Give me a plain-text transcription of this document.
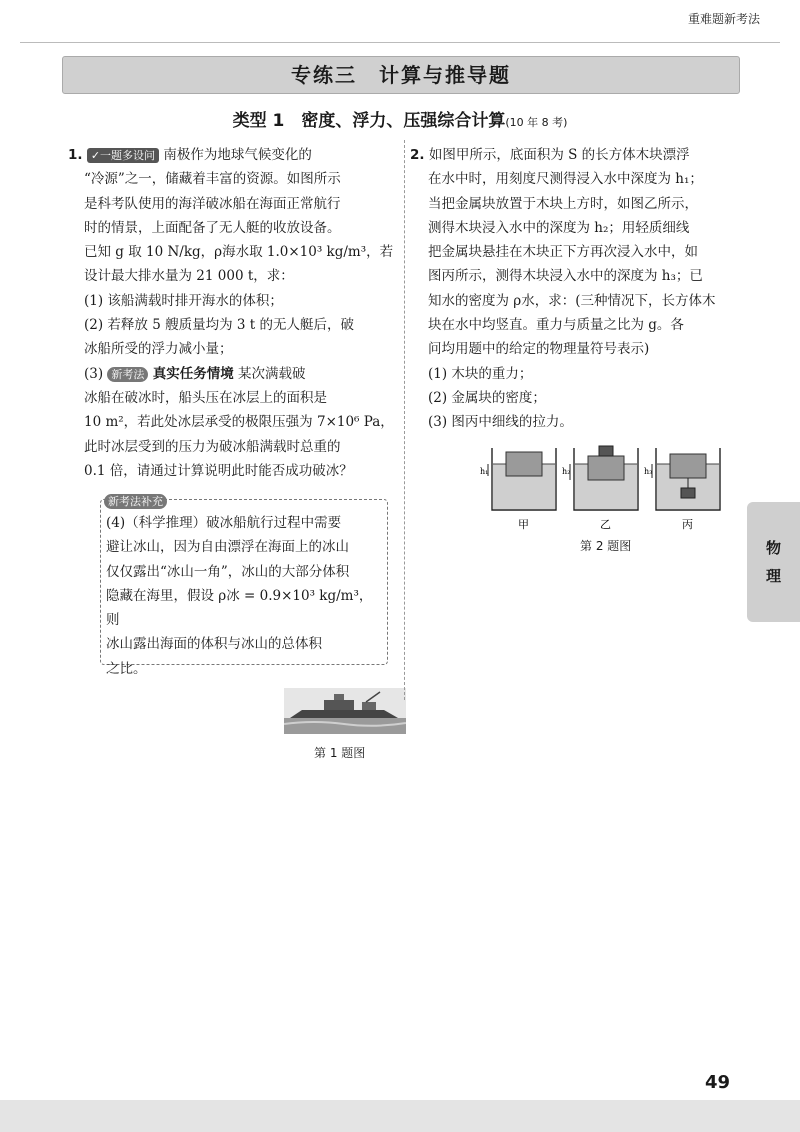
重难题新考法
专练三　计算与推导题
类型 1　密度、浮力、压强综合计算(10 年 8 考)

1. ✓一题多设问 南极作为地球气候变化的

“冷源”之一，储藏着丰富的资源。如图所示

是科考队使用的海洋破冰船在海面正常航行

时的情景，上面配备了无人艇的收放设备。

已知 g 取 10 N/kg，ρ海水取 1.0×10³ kg/m³，若

设计最大排水量为 21 000 t，求：

(1) 该船满载时排开海水的体积；

(2) 若释放 5 艘质量均为 3 t 的无人艇后，破

冰船所受的浮力减小量；

(3) 新考法 真实任务情境 某次满载破

冰船在破冰时，船头压在冰层上的面积是

10 m²，若此处冰层承受的极限压强为 7×10⁶ Pa，

此时冰层受到的压力为破冰船满载时总重的

0.1 倍，请通过计算说明此时能否成功破冰？

新考法补充

(4)（科学推理）破冰船航行过程中需要

避让冰山，因为自由漂浮在海面上的冰山

仅仅露出“冰山一角”，冰山的大部分体积

隐藏在海里，假设 ρ冰 = 0.9×10³ kg/m³，则

冰山露出海面的体积与冰山的总体积

之比。

第 1 题图

2. 如图甲所示，底面积为 S 的长方体木块漂浮

在水中时，用刻度尺测得浸入水中深度为 h₁；

当把金属块放置于木块上方时，如图乙所示，

测得木块浸入水中的深度为 h₂；用轻质细线

把金属块悬挂在木块正下方再次浸入水中，如

图丙所示，测得木块浸入水中的深度为 h₃；已

知水的密度为 ρ水，求：(三种情况下，长方体木

块在水中均竖直。重力与质量之比为 g。各

问均用题中的给定的物理量符号表示)

(1) 木块的重力；

(2) 金属块的密度；

(3) 图丙中细线的拉力。

h₁
甲
h₂
乙
h₃
丙
第 2 题图	物
理
49
